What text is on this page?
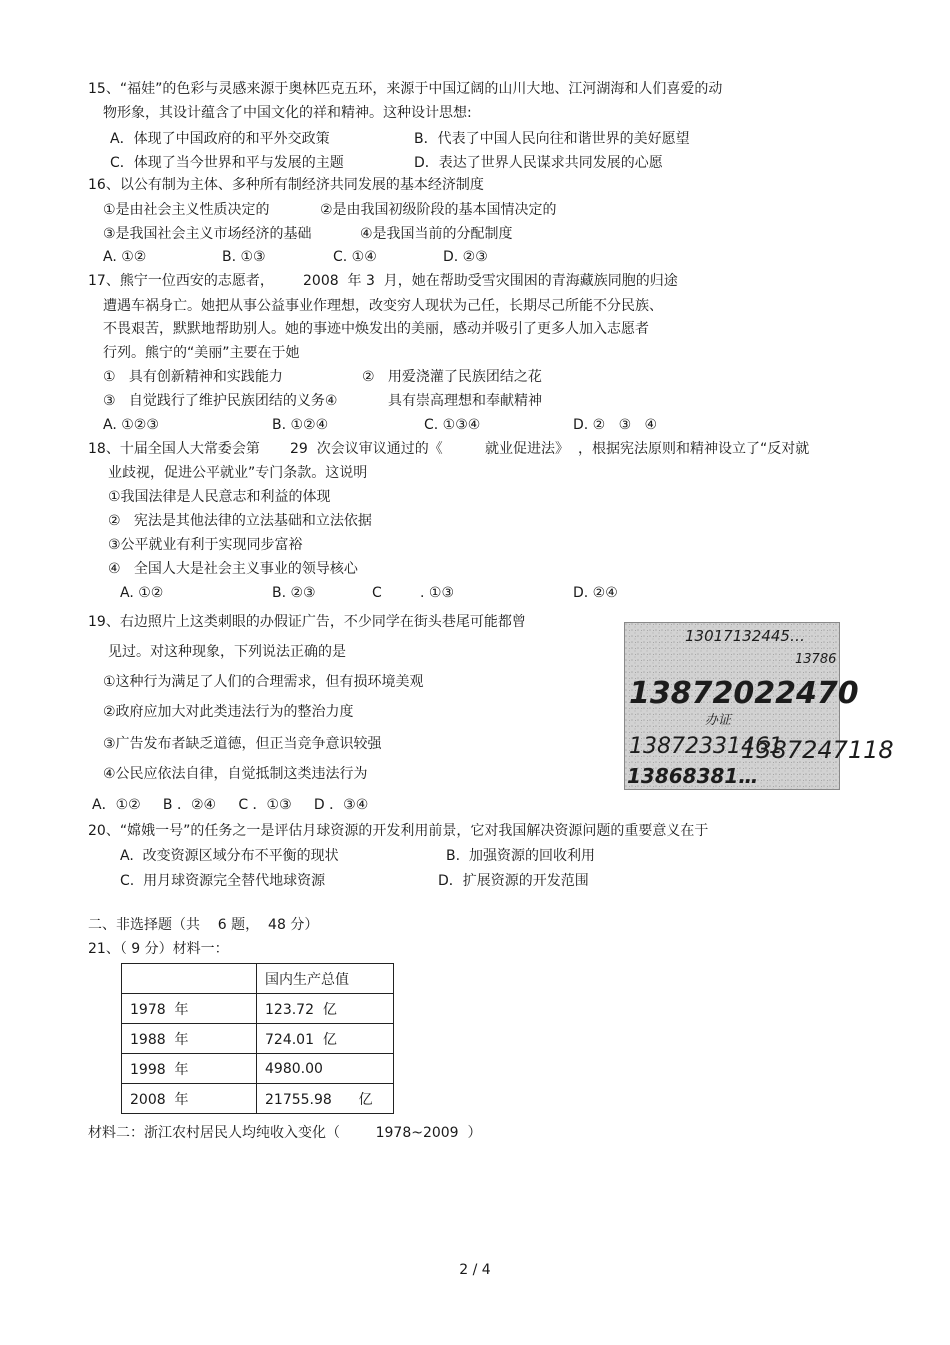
15、“福娃”的色彩与灵感来源于奥林匹克五环，来源于中国辽阔的山川大地、江河湖海和人们喜爱的动
物形象，其设计蕴含了中国文化的祥和精神。这种设计思想:
A．体现了中国政府的和平外交政策	B．代表了中国人民向往和谐世界的美好愿望
C．体现了当今世界和平与发展的主题	D．表达了世界人民谋求共同发展的心愿
16、以公有制为主体、多种所有制经济共同发展的基本经济制度
①是由社会主义性质决定的	②是由我国初级阶段的基本国情决定的
③是我国社会主义市场经济的基础	④是我国当前的分配制度
A. ①②	B. ①③	C. ①④	D. ②③
17、熊宁一位西安的志愿者， 2008  年 3  月，她在帮助受雪灾围困的青海藏族同胞的归途
遭遇车祸身亡。她把从事公益事业作理想，改变穷人现状为己任，长期尽己所能不分民族、
不畏艰苦，默默地帮助别人。她的事迹中焕发出的美丽，感动并吸引了更多人加入志愿者
行列。熊宁的“美丽”主要在于她
①   具有创新精神和实践能力	②   用爱浇灌了民族团结之花
③   自觉践行了维护民族团结的义务④	具有崇高理想和奉献精神
A. ①②③	B. ①②④	C. ①③④	D. ②   ③   ④
18、十届全国人大常委会第 29  次会议审议通过的《	就业促进法》 ，根据宪法原则和精神设立了“反对就
业歧视，促进公平就业”专门条款。这说明
①我国法律是人民意志和利益的体现
②   宪法是其他法律的立法基础和立法依据
③公平就业有利于实现同步富裕
④   全国人大是社会主义事业的领导核心
A. ①②	B. ②③	C	. ①③	D. ②④
19、右边照片上这类刺眼的办假证广告，不少同学在街头巷尾可能都曾
见过。对这种现象，下列说法正确的是
①这种行为满足了人们的合理需求，但有损环境美观
②政府应加大对此类违法行为的整治力度
③广告发布者缺乏道德，但正当竞争意识较强
④公民应依法自律，自觉抵制这类违法行为
A．①②     B ．②④     C ．①③     D ．③④
13017132445…
13786
13872022470
办证
13872331461
1387247118
13868381…
20、“嫦娥一号”的任务之一是评估月球资源的开发利用前景，它对我国解决资源问题的重要意义在于
A.  改变资源区域分布不平衡的现状	B.  加强资源的回收利用
C.  用月球资源完全替代地球资源	D．扩展资源的开发范围
二、非选择题（共    6 题，  48 分）
21、（ 9 分）材料一：
	国内生产总值
1978  年	123.72  亿
1988  年	724.01  亿
1998  年	4980.00
2008  年	21755.98      亿
材料二：浙江农村居民人均纯收入变化（        1978~2009  ）
2 / 4
